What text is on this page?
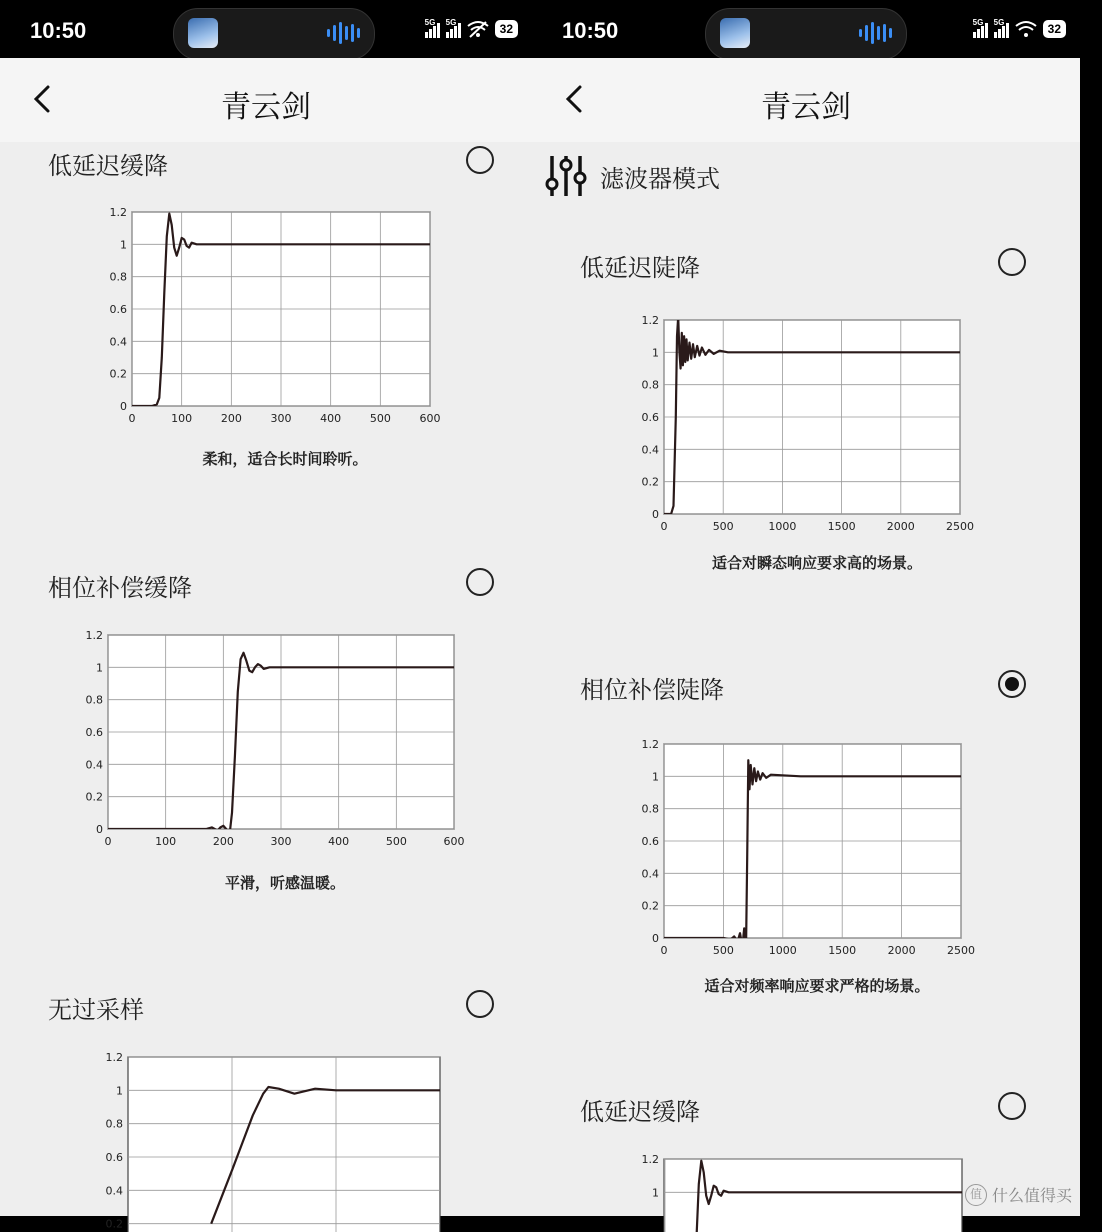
10:50	5G 5G	32
青云剑
低延迟缓降
0	100	200	300	400	500	600
0
0.2
0.4
0.6
0.8
1
1.2
柔和，适合长时间聆听。
相位补偿缓降
0	100	200	300	400	500	600
0
0.2
0.4
0.6
0.8
1
1.2
平滑，听感温暖。
无过采样
0.2
0.4
0.6
0.8
1
1.2
10:50	5G 5G	32
青云剑
滤波器模式
低延迟陡降
0	500	1000	1500	2000	2500
0
0.2
0.4
0.6
0.8
1
1.2
适合对瞬态响应要求高的场景。
相位补偿陡降
0	500	1000	1500	2000	2500
0
0.2
0.4
0.6
0.8
1
1.2
适合对频率响应要求严格的场景。
低延迟缓降
1
1.2
值 什么值得买
